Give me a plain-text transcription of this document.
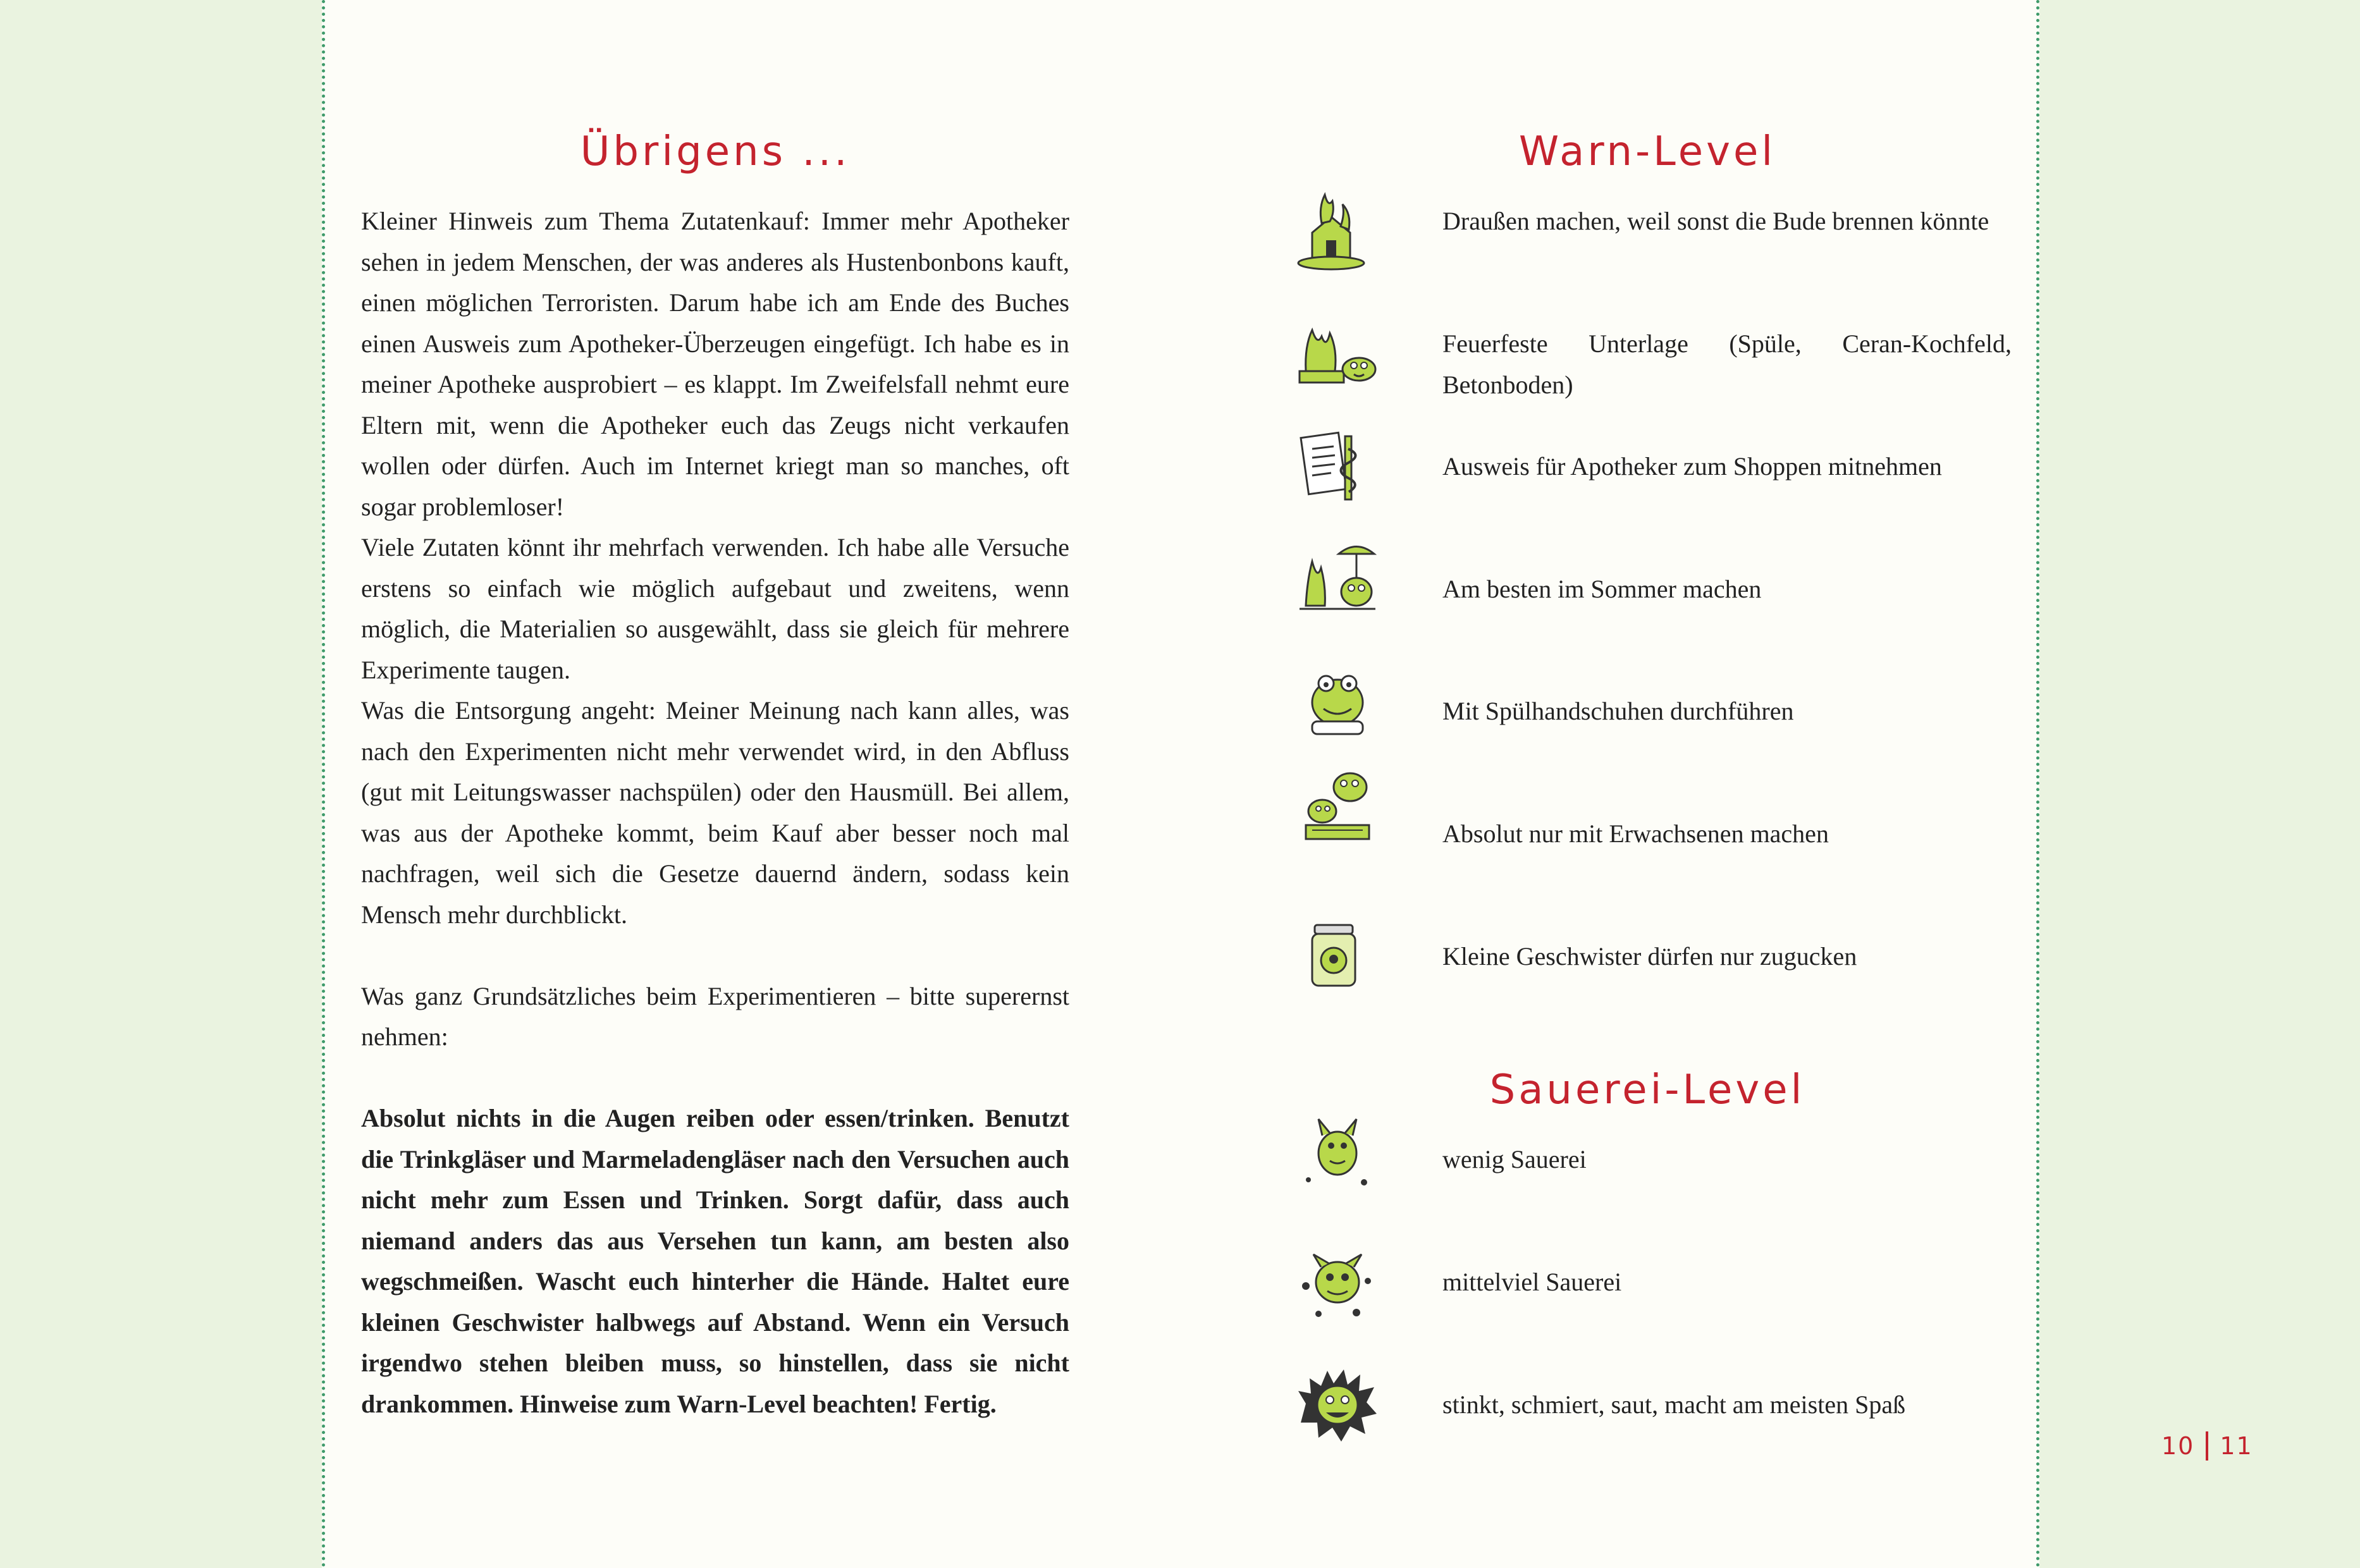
Übrigens ...

Kleiner Hinweis zum Thema Zutatenkauf: Immer mehr Apotheker sehen in jedem Menschen, der was anderes als Hustenbonbons kauft, einen möglichen Terroristen. Darum habe ich am Ende des Buches einen Ausweis zum Apotheker-Überzeugen eingefügt. Ich habe es in meiner Apotheke ausprobiert – es klappt. Im Zweifelsfall nehmt eure Eltern mit, wenn die Apotheker euch das Zeugs nicht verkaufen wollen oder dürfen. Auch im Internet kriegt man so manches, oft sogar problemloser!

Viele Zutaten könnt ihr mehrfach verwenden. Ich habe alle Versuche erstens so einfach wie möglich aufgebaut und zweitens, wenn möglich, die Materialien so ausgewählt, dass sie gleich für mehrere Experimente taugen.

Was die Entsorgung angeht: Meiner Meinung nach kann alles, was nach den Experimenten nicht mehr verwendet wird, in den Abfluss (gut mit Leitungswasser nachspülen) oder den Hausmüll. Bei allem, was aus der Apotheke kommt, beim Kauf aber besser noch mal nachfragen, weil sich die Gesetze dauernd ändern, sodass kein Mensch mehr durchblickt.

Was ganz Grundsätzliches beim Experimentieren – bitte superernst nehmen:

Absolut nichts in die Augen reiben oder essen/trinken. Benutzt die Trinkgläser und Marmeladengläser nach den Versuchen auch nicht mehr zum Essen und Trinken. Sorgt dafür, dass auch niemand anders das aus Versehen tun kann, am besten also wegschmeißen. Wascht euch hinterher die Hände. Haltet eure kleinen Geschwister halbwegs auf Abstand. Wenn ein Versuch irgendwo stehen bleiben muss, so hinstellen, dass sie nicht drankommen. Hinweise zum Warn-Level beachten! Fertig.

Warn-Level
Draußen machen, weil sonst die Bude brennen könnte
Feuerfeste Unterlage (Spüle, Ceran-Kochfeld, Betonboden)
Ausweis für Apotheker zum Shoppen mitnehmen
Am besten im Sommer machen
Mit Spülhandschuhen durchführen
Absolut nur mit Erwachsenen machen
Kleine Geschwister dürfen nur zugucken
Sauerei-Level
wenig Sauerei
mittelviel Sauerei
stinkt, schmiert, saut, macht am meisten Spaß
10 11
